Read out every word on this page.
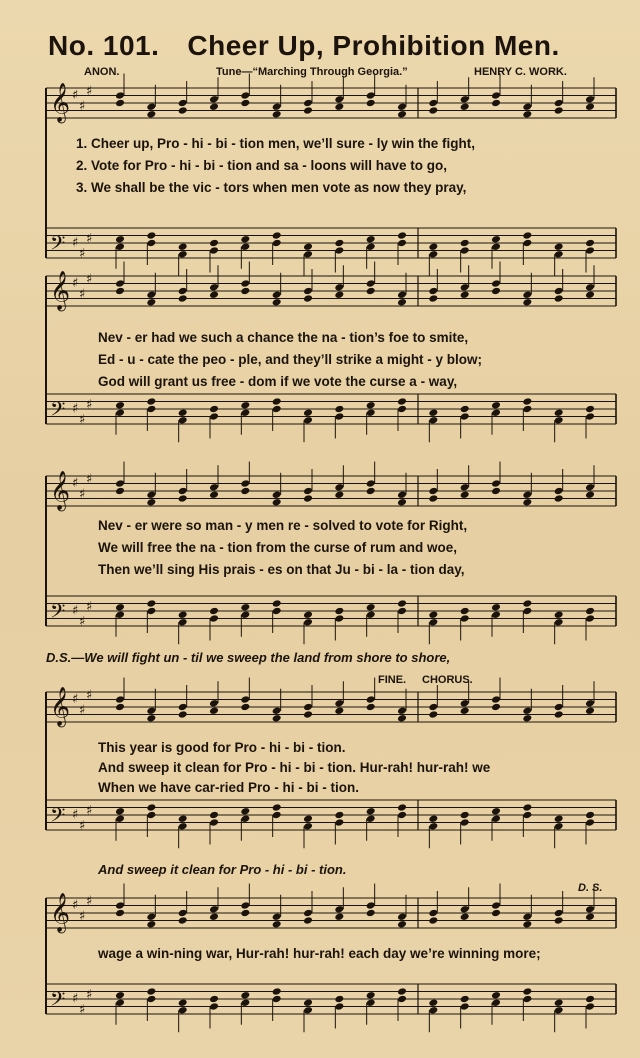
No. 101. Cheer Up, Prohibition Men.
ANON.	Tune—“Marching Through Georgia.”	HENRY C. WORK.
𝄞 ♯
♯
♯
𝄢 ♯
♯
♯
1. Cheer up, Pro - hi - bi - tion men, we’ll sure - ly win the fight,
2. Vote for Pro - hi - bi - tion and sa - loons will have to go,
3. We shall be the vic - tors when men vote as now they pray,
𝄞 ♯
♯
♯
𝄢 ♯
♯
♯
Nev - er had we such a chance the na - tion’s foe to smite,
Ed - u - cate the peo - ple, and they’ll strike a might - y blow;
God will grant us free - dom if we vote the curse a - way,
𝄞 ♯
♯
♯
𝄢 ♯
♯
♯
Nev - er were so man - y men re - solved to vote for Right,
We will free the na - tion from the curse of rum and woe,
Then we’ll sing His prais - es on that Ju - bi - la - tion day,
D.S.—We will fight un - til we sweep the land from shore to shore,
FINE. CHORUS.
𝄞 ♯
♯
♯
𝄢 ♯
♯
♯
This year is good for Pro - hi - bi - tion.
And sweep it clean for Pro - hi - bi - tion. Hur-rah! hur-rah! we
When we have car-ried Pro - hi - bi - tion.
And sweep it clean for Pro - hi - bi - tion.
D. S.
𝄞 ♯
♯
♯
𝄢 ♯
♯
♯
wage a win-ning war, Hur-rah! hur-rah! each day we’re winning more;
